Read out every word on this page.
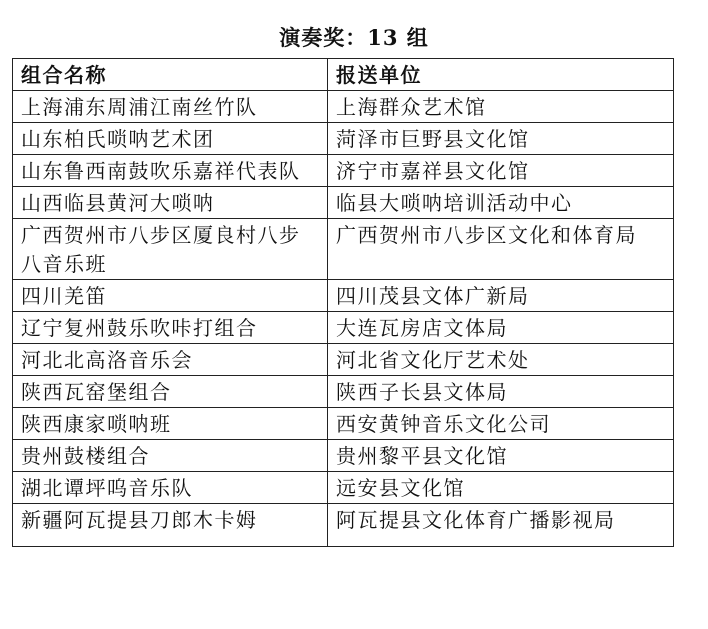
演奏奖：13 组
组合名称	报送单位
上海浦东周浦江南丝竹队	上海群众艺术馆
山东柏氏唢呐艺术团	菏泽市巨野县文化馆
山东鲁西南鼓吹乐嘉祥代表队	济宁市嘉祥县文化馆
山西临县黄河大唢呐	临县大唢呐培训活动中心
广西贺州市八步区厦良村八步八音乐班	广西贺州市八步区文化和体育局
四川羌笛	四川茂县文体广新局
辽宁复州鼓乐吹咔打组合	大连瓦房店文体局
河北北高洛音乐会	河北省文化厅艺术处
陕西瓦窑堡组合	陕西子长县文体局
陕西康家唢呐班	西安黄钟音乐文化公司
贵州鼓楼组合	贵州黎平县文化馆
湖北谭坪呜音乐队	远安县文化馆
新疆阿瓦提县刀郎木卡姆	阿瓦提县文化体育广播影视局
